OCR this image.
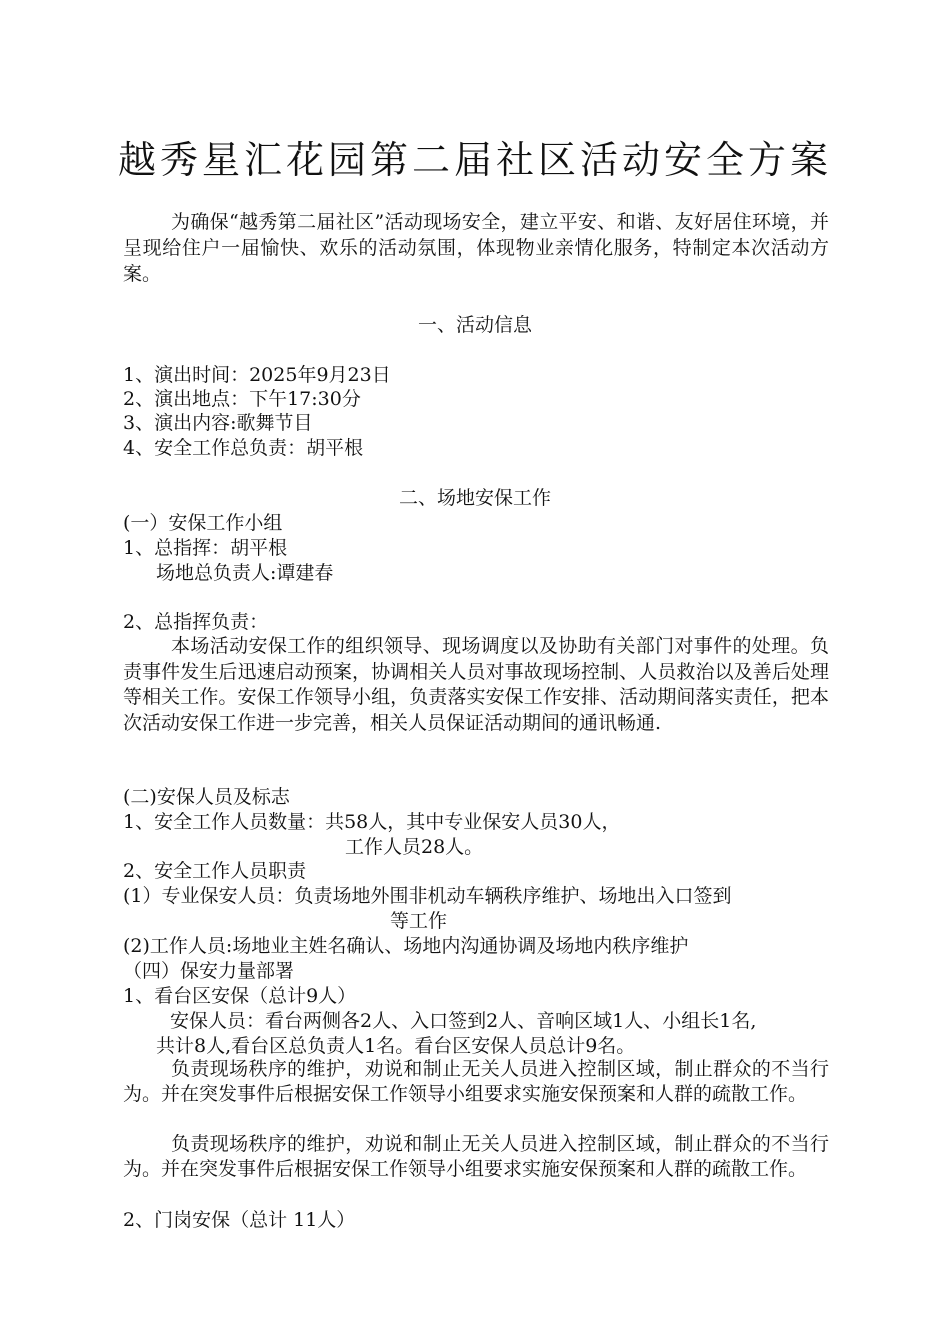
越秀星汇花园第二届社区活动安全方案
为确保“越秀第二届社区”活动现场安全，建立平安、和谐、友好居住环境，并呈现给住户一届愉快、欢乐的活动氛围，体现物业亲情化服务，特制定本次活动方案。
一、活动信息
1、演出时间：2025年9月23日
2、演出地点：下午17:30分
3、演出内容:歌舞节目
4、安全工作总负责：胡平根
二、场地安保工作
(一）安保工作小组
1、总指挥：胡平根
场地总负责人:谭建春
2、总指挥负责：
本场活动安保工作的组织领导、现场调度以及协助有关部门对事件的处理。负责事件发生后迅速启动预案，协调相关人员对事故现场控制、人员救治以及善后处理等相关工作。安保工作领导小组，负责落实安保工作安排、活动期间落实责任，把本次活动安保工作进一步完善，相关人员保证活动期间的通讯畅通.
(二)安保人员及标志
1、安全工作人员数量：共58人，其中专业保安人员30人，
工作人员28人。
2、安全工作人员职责
(1）专业保安人员：负责场地外围非机动车辆秩序维护、场地出入口签到
等工作
(2)工作人员:场地业主姓名确认、场地内沟通协调及场地内秩序维护
（四）保安力量部署
1、看台区安保（总计9人）
安保人员：看台两侧各2人、入口签到2人、音响区域1人、小组长1名,
共计8人,看台区总负责人1名。看台区安保人员总计9名。
负责现场秩序的维护，劝说和制止无关人员进入控制区域，制止群众的不当行为。并在突发事件后根据安保工作领导小组要求实施安保预案和人群的疏散工作。
负责现场秩序的维护，劝说和制止无关人员进入控制区域，制止群众的不当行为。并在突发事件后根据安保工作领导小组要求实施安保预案和人群的疏散工作。
2、门岗安保（总计 11人）
